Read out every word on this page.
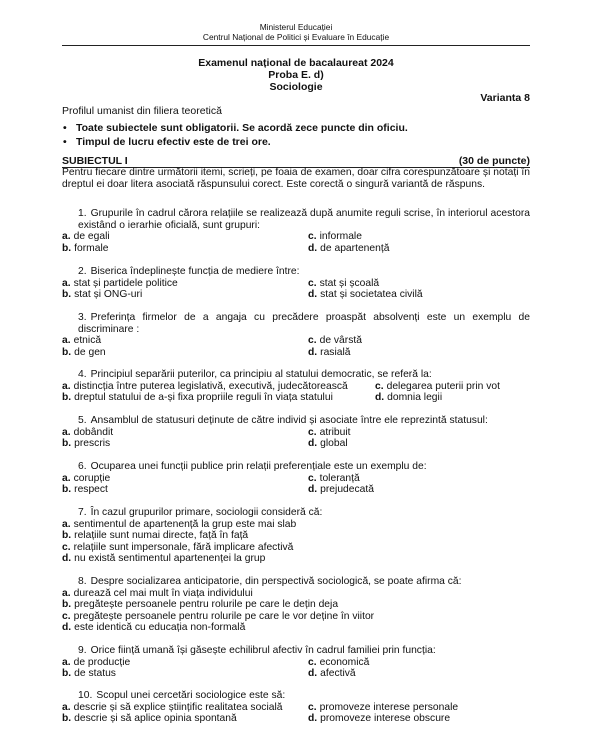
Ministerul Educației
Centrul Național de Politici și Evaluare în Educație
Examenul național de bacalaureat 2024
Proba E. d)
Sociologie
Varianta 8
Profilul umanist din filiera teoretică
• Toate subiectele sunt obligatorii. Se acordă zece puncte din oficiu.
• Timpul de lucru efectiv este de trei ore.
SUBIECTUL I	(30 de puncte)
Pentru fiecare dintre următorii itemi, scrieți, pe foaia de examen, doar cifra corespunzătoare și notați în dreptul ei doar litera asociată răspunsului corect. Este corectă o singură variantă de răspuns.
1. Grupurile în cadrul cărora relațiile se realizează după anumite reguli scrise, în interiorul acestora existând o ierarhie oficială, sunt grupuri:
a. de egali	c. informale
b. formale	d. de apartenență
2. Biserica îndeplinește funcția de mediere între:
a. stat și partidele politice	c. stat și școală
b. stat și ONG-uri	d. stat și societatea civilă
3. Preferința firmelor de a angaja cu precădere proaspăt absolvenți este un exemplu de discriminare :
a. etnică	c. de vârstă
b. de gen	d. rasială
4. Principiul separării puterilor, ca principiu al statului democratic, se referă la:
a. distincția între puterea legislativă, executivă, judecătorească	c. delegarea puterii prin vot
b. dreptul statului de a-și fixa propriile reguli în viața statului	d. domnia legii
5. Ansamblul de statusuri deținute de către individ și asociate între ele reprezintă statusul:
a. dobândit	c. atribuit
b. prescris	d. global
6. Ocuparea unei funcții publice prin relații preferențiale este un exemplu de:
a. corupție	c. toleranță
b. respect	d. prejudecată
7. În cazul grupurilor primare, sociologii consideră că:
a. sentimentul de apartenență la grup este mai slab
b. relațiile sunt numai directe, față în față
c. relațiile sunt impersonale, fără implicare afectivă
d. nu există sentimentul apartenenței la grup
8. Despre socializarea anticipatorie, din perspectivă sociologică, se poate afirma că:
a. durează cel mai mult în viața individului
b. pregătește persoanele pentru rolurile pe care le dețin deja
c. pregătește persoanele pentru rolurile pe care le vor deține în viitor
d. este identică cu educația non-formală
9. Orice ființă umană își găsește echilibrul afectiv în cadrul familiei prin funcția:
a. de producție	c. economică
b. de status	d. afectivă
10. Scopul unei cercetări sociologice este să:
a. descrie și să explice științific realitatea socială c. promoveze interese personale
b. descrie și să aplice opinia spontană	d. promoveze interese obscure
